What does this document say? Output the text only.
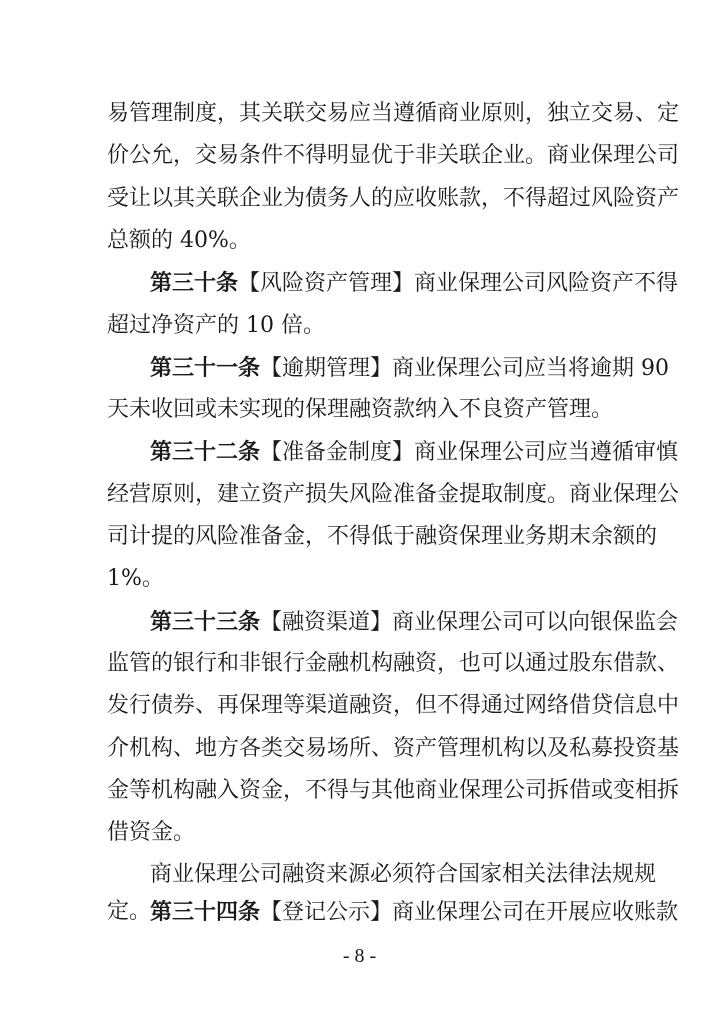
易管理制度，其关联交易应当遵循商业原则，独立交易、定
价公允，交易条件不得明显优于非关联企业。商业保理公司
受让以其关联企业为债务人的应收账款，不得超过风险资产
总额的 40%。
第三十条【风险资产管理】商业保理公司风险资产不得
超过净资产的 10 倍。
第三十一条【逾期管理】商业保理公司应当将逾期 90
天未收回或未实现的保理融资款纳入不良资产管理。
第三十二条【准备金制度】商业保理公司应当遵循审慎
经营原则，建立资产损失风险准备金提取制度。商业保理公
司计提的风险准备金，不得低于融资保理业务期末余额的
1%。
第三十三条【融资渠道】商业保理公司可以向银保监会
监管的银行和非银行金融机构融资，也可以通过股东借款、
发行债券、再保理等渠道融资，但不得通过网络借贷信息中
介机构、地方各类交易场所、资产管理机构以及私募投资基
金等机构融入资金，不得与其他商业保理公司拆借或变相拆
借资金。
商业保理公司融资来源必须符合国家相关法律法规规
定。
第三十四条【登记公示】商业保理公司在开展应收账款
- 8 -
